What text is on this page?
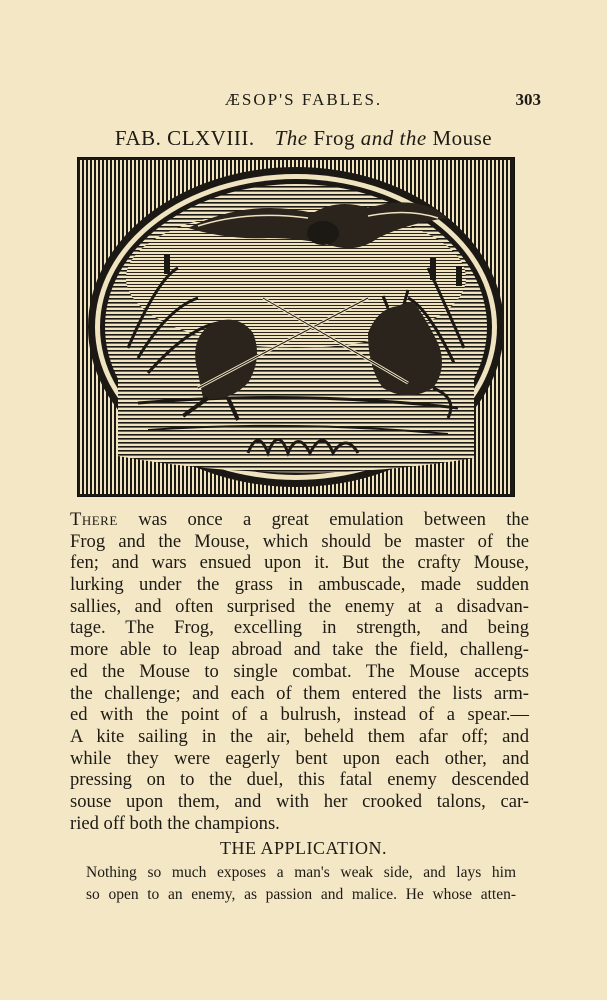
ÆSOP'S FABLES.	303
FAB. CLXVIII. The Frog and the Mouse
There was once a great emulation between the
Frog and the Mouse, which should be master of the
fen; and wars ensued upon it. But the crafty Mouse,
lurking under the grass in ambuscade, made sudden
sallies, and often surprised the enemy at a disadvan-
tage. The Frog, excelling in strength, and being
more able to leap abroad and take the field, challeng-
ed the Mouse to single combat. The Mouse accepts
the challenge; and each of them entered the lists arm-
ed with the point of a bulrush, instead of a spear.—
A kite sailing in the air, beheld them afar off; and
while they were eagerly bent upon each other, and
pressing on to the duel, this fatal enemy descended
souse upon them, and with her crooked talons, car-
ried off both the champions.
THE APPLICATION.
Nothing so much exposes a man's weak side, and lays him
so open to an enemy, as passion and malice. He whose atten-
